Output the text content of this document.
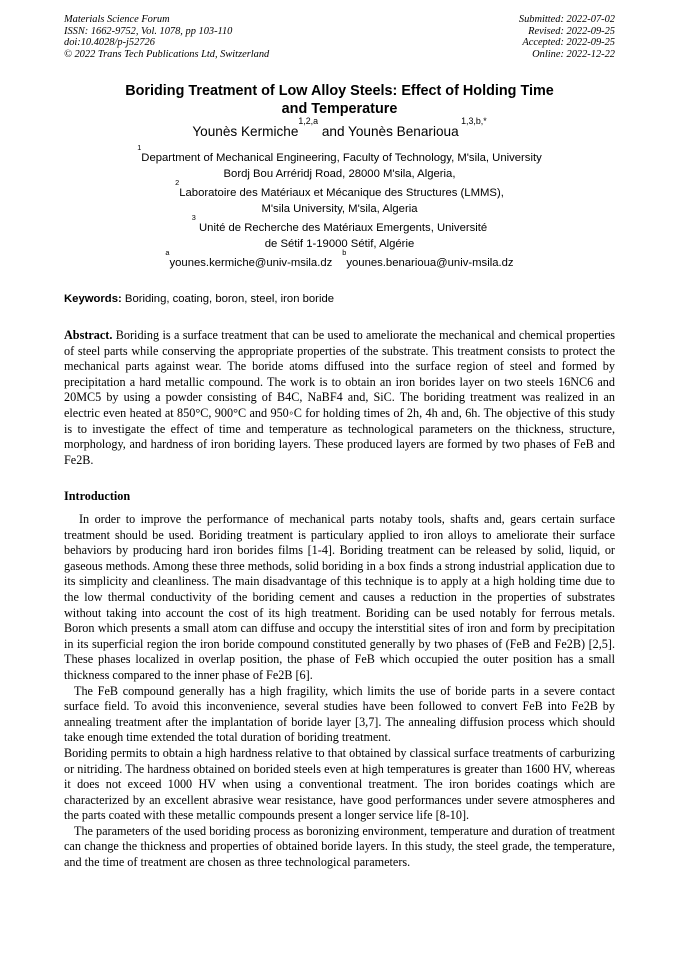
Materials Science Forum
ISSN: 1662-9752, Vol. 1078, pp 103-110
doi:10.4028/p-j52726
© 2022 Trans Tech Publications Ltd, Switzerland
Submitted: 2022-07-02
Revised: 2022-09-25
Accepted: 2022-09-25
Online: 2022-12-22
Boriding Treatment of Low Alloy Steels: Effect of Holding Time
and Temperature
Younès Kermiche$^{1,2,a}$ and Younès Benarioua $^{1,3,b,*}$
$^1$Department of Mechanical Engineering, Faculty of Technology, M'sila, University
Bordj Bou Arréridj Road, 28000 M'sila, Algeria,
$^2$Laboratoire des Matériaux et Mécanique des Structures (LMMS),
M'sila University, M'sila, Algeria
$^3$ Unité de Recherche des Matériaux Emergents, Université
de Sétif 1-19000 Sétif, Algérie
$^ayounes.kermiche@univ-msila.dz^byounes.benarioua@univ-msila.dz$
Keywords: Boriding, coating, boron, steel, iron boride
Abstract. Boriding is a surface treatment that can be used to ameliorate the mechanical and chemical properties of steel parts while conserving the appropriate properties of the substrate. This treatment consists to protect the mechanical parts against wear. The boride atoms diffused into the surface region of steel and formed by precipitation a hard metallic compound. The work is to obtain an iron borides layer on two steels 16NC6 and 20MC5 by using a powder consisting of B4C, NaBF4 and, SiC. The boriding treatment was realized in an electric even heated at 850°C, 900°C and 950◦C for holding times of 2h, 4h and, 6h. The objective of this study is to investigate the effect of time and temperature as technological parameters on the thickness, structure, morphology, and hardness of iron boriding layers. These produced layers are formed by two phases of FeB and Fe2B.
Introduction

In order to improve the performance of mechanical parts notaby tools, shafts and, gears certain surface treatment should be used. Boriding treatment is particulary applied to iron alloys to ameliorate their surface behaviors by producing hard iron borides films [1-4]. Boriding treatment can be released by solid, liquid, or gaseous methods. Among these three methods, solid boriding in a box finds a strong industrial application due to its simplicity and cleanliness. The main disadvantage of this technique is to apply at a high holding time due to the low thermal conductivity of the boriding cement and causes a reduction in the properties of substrates without taking into account the cost of its high treatment. Boriding can be used notably for ferrous metals. Boron which presents a small atom can diffuse and occupy the interstitial sites of iron and form by precipitation in its superficial region the iron boride compound constituted generally by two phases of (FeB and Fe2B) [2,5]. These phases localized in overlap position, the phase of FeB which occupied the outer position has a small thickness compared to the inner phase of Fe2B [6].

The FeB compound generally has a high fragility, which limits the use of boride parts in a severe contact surface field. To avoid this inconvenience, several studies have been followed to convert FeB into Fe2B by annealing treatment after the implantation of boride layer [3,7]. The annealing diffusion process which should take enough time extended the total duration of boriding treatment.

Boriding permits to obtain a high hardness relative to that obtained by classical surface treatments of carburizing or nitriding. The hardness obtained on borided steels even at high temperatures is greater than 1600 HV, whereas it does not exceed 1000 HV when using a conventional treatment. The iron borides coatings which are characterized by an excellent abrasive wear resistance, have good performances under severe atmospheres and the parts coated with these metallic compounds present a longer service life [8-10].

The parameters of the used boriding process as boronizing environment, temperature and duration of treatment can change the thickness and properties of obtained boride layers. In this study, the steel grade, the temperature, and the time of treatment are chosen as three technological parameters.
